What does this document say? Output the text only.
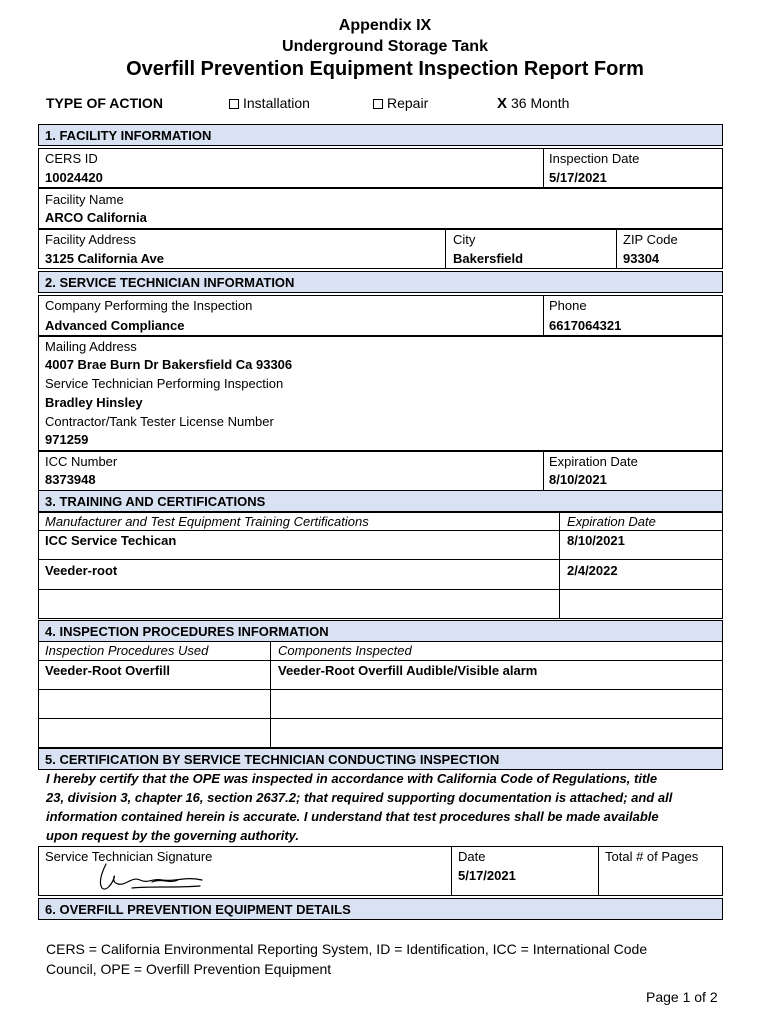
Appendix IX
Underground Storage Tank
Overfill Prevention Equipment Inspection Report Form
TYPE OF ACTION	Installation	Repair	X 36 Month
1. FACILITY INFORMATION
CERS ID
10024420
Inspection Date
5/17/2021
Facility Name
ARCO California
Facility Address
3125 California Ave
City
Bakersfield
ZIP Code
93304
2. SERVICE TECHNICIAN INFORMATION
Company Performing the Inspection
Advanced Compliance
Phone
6617064321
Mailing Address
4007 Brae Burn Dr Bakersfield Ca 93306
Service Technician Performing Inspection
Bradley Hinsley
Contractor/Tank Tester License Number
971259
ICC Number
8373948
Expiration Date
8/10/2021
3. TRAINING AND CERTIFICATIONS
Manufacturer and Test Equipment Training Certifications	Expiration Date
ICC Service Techican	8/10/2021
Veeder-root	2/4/2022
4. INSPECTION PROCEDURES INFORMATION
Inspection Procedures Used	Components Inspected
Veeder-Root Overfill	Veeder-Root Overfill Audible/Visible alarm
5. CERTIFICATION BY SERVICE TECHNICIAN CONDUCTING INSPECTION
I hereby certify that the OPE was inspected in accordance with California Code of Regulations, title
23, division 3, chapter 16, section 2637.2; that required supporting documentation is attached; and all
information contained herein is accurate. I understand that test procedures shall be made available
upon request by the governing authority.
Service Technician Signature	Date
5/17/2021
Total # of Pages
6. OVERFILL PREVENTION EQUIPMENT DETAILS
CERS = California Environmental Reporting System, ID = Identification, ICC = International Code
Council, OPE = Overfill Prevention Equipment
Page 1 of 2
